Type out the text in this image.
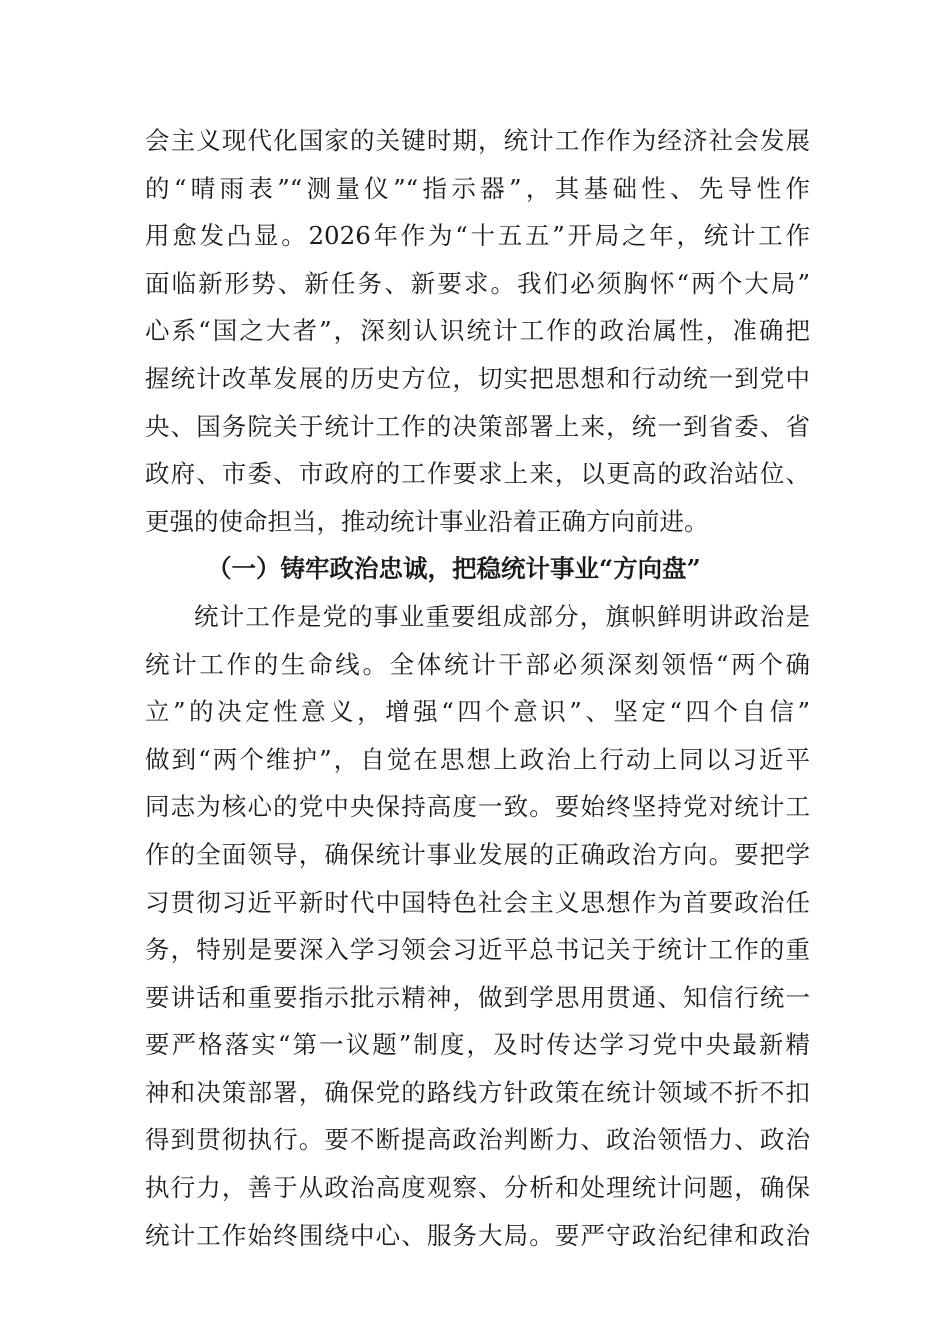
会主义现代化国家的关键时期，统计工作作为经济社会发展
的“晴雨表”“测量仪”“指示器”，其基础性、先导性作
用愈发凸显。2026年作为“十五五”开局之年，统计工作
面临新形势、新任务、新要求。我们必须胸怀“两个大局”
心系“国之大者”，深刻认识统计工作的政治属性，准确把
握统计改革发展的历史方位，切实把思想和行动统一到党中
央、国务院关于统计工作的决策部署上来，统一到省委、省
政府、市委、市政府的工作要求上来，以更高的政治站位、
更强的使命担当，推动统计事业沿着正确方向前进。
（一）铸牢政治忠诚，把稳统计事业“方向盘”
统计工作是党的事业重要组成部分，旗帜鲜明讲政治是
统计工作的生命线。全体统计干部必须深刻领悟“两个确
立”的决定性意义，增强“四个意识”、坚定“四个自信”
做到“两个维护”，自觉在思想上政治上行动上同以习近平
同志为核心的党中央保持高度一致。要始终坚持党对统计工
作的全面领导，确保统计事业发展的正确政治方向。要把学
习贯彻习近平新时代中国特色社会主义思想作为首要政治任
务，特别是要深入学习领会习近平总书记关于统计工作的重
要讲话和重要指示批示精神，做到学思用贯通、知信行统一
要严格落实“第一议题”制度，及时传达学习党中央最新精
神和决策部署，确保党的路线方针政策在统计领域不折不扣
得到贯彻执行。要不断提高政治判断力、政治领悟力、政治
执行力，善于从政治高度观察、分析和处理统计问题，确保
统计工作始终围绕中心、服务大局。要严守政治纪律和政治
